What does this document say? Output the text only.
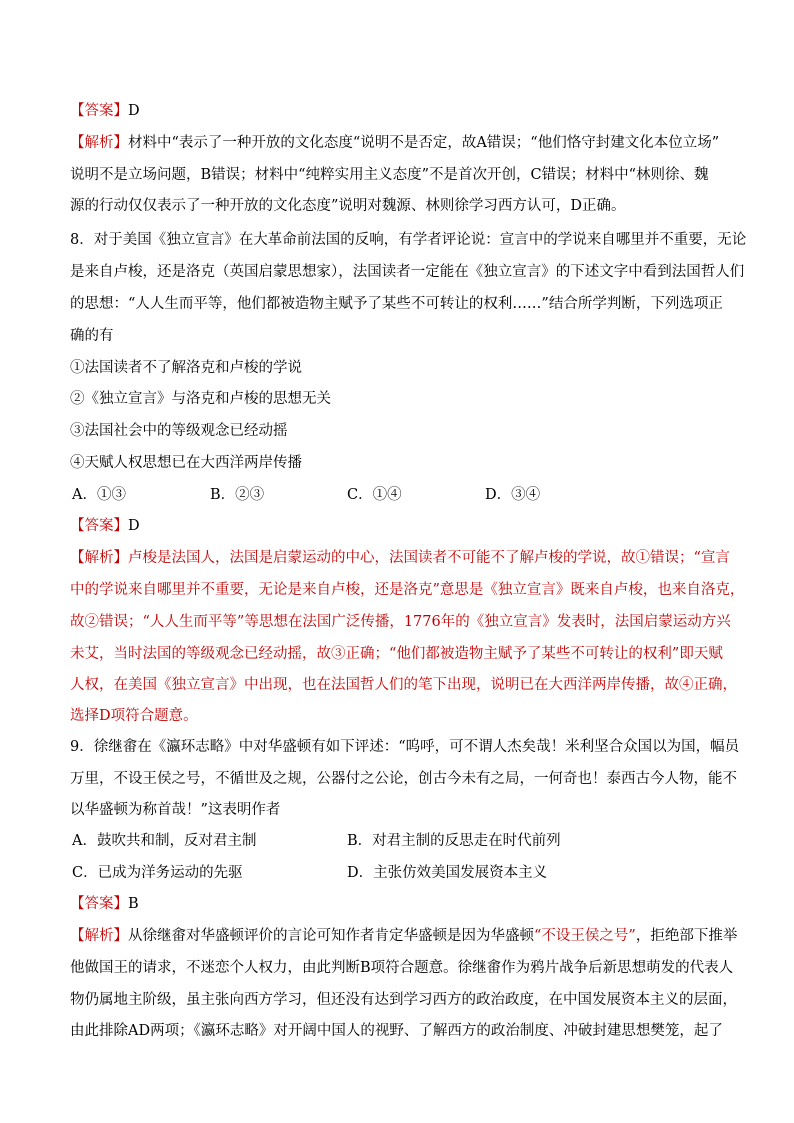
【答案】D
【解析】材料中“表示了一种开放的文化态度“说明不是否定，故A错误；“他们恪守封建文化本位立场”
说明不是立场问题，B错误；材料中“纯粹实用主义态度”不是首次开创，C错误；材料中“林则徐、魏
源的行动仅仅表示了一种开放的文化态度”说明对魏源、林则徐学习西方认可，D正确。
8．对于美国《独立宣言》在大革命前法国的反响，有学者评论说：宣言中的学说来自哪里并不重要，无论
是来自卢梭，还是洛克（英国启蒙思想家），法国读者一定能在《独立宣言》的下述文字中看到法国哲人们
的思想：“人人生而平等，他们都被造物主赋予了某些不可转让的权利……”结合所学判断，下列选项正
确的有
①法国读者不了解洛克和卢梭的学说
②《独立宣言》与洛克和卢梭的思想无关
③法国社会中的等级观念已经动摇
④天赋人权思想已在大西洋两岸传播
A．①③	B．②③	C．①④	D．③④
【答案】D
【解析】卢梭是法国人，法国是启蒙运动的中心，法国读者不可能不了解卢梭的学说，故①错误；“宣言
中的学说来自哪里并不重要，无论是来自卢梭，还是洛克”意思是《独立宣言》既来自卢梭，也来自洛克，
故②错误；“人人生而平等”等思想在法国广泛传播，1776年的《独立宣言》发表时，法国启蒙运动方兴
未艾，当时法国的等级观念已经动摇，故③正确；“他们都被造物主赋予了某些不可转让的权利”即天赋
人权，在美国《独立宣言》中出现，也在法国哲人们的笔下出现，说明已在大西洋两岸传播，故④正确，
选择D项符合题意。
9．徐继畬在《瀛环志略》中对华盛顿有如下评述：“呜呼，可不谓人杰矣哉！米利坚合众国以为国，幅员
万里，不设王侯之号，不循世及之规，公器付之公论，创古今未有之局，一何奇也！泰西古今人物，能不
以华盛顿为称首哉！”这表明作者
A．鼓吹共和制，反对君主制	B．对君主制的反思走在时代前列
C．已成为洋务运动的先驱	D．主张仿效美国发展资本主义
【答案】B
【解析】从徐继畬对华盛顿评价的言论可知作者肯定华盛顿是因为华盛顿“不设王侯之号”，拒绝部下推举
他做国王的请求，不迷恋个人权力，由此判断B项符合题意。徐继畬作为鸦片战争后新思想萌发的代表人
物仍属地主阶级，虽主张向西方学习，但还没有达到学习西方的政治政度，在中国发展资本主义的层面，
由此排除AD两项；《瀛环志略》对开阔中国人的视野、了解西方的政治制度、冲破封建思想樊笼，起了
